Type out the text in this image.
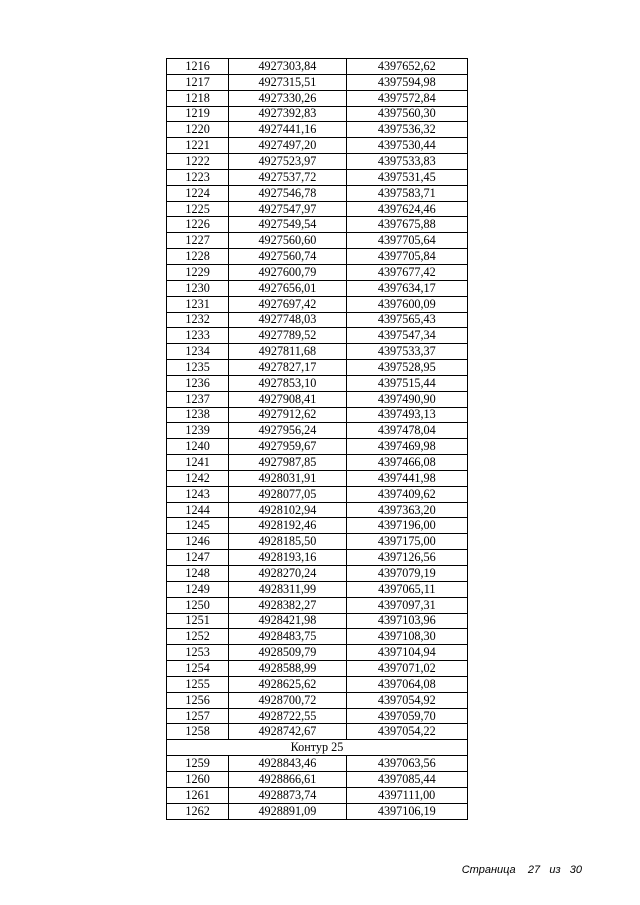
1216	4927303,84	4397652,62
1217	4927315,51	4397594,98
1218	4927330,26	4397572,84
1219	4927392,83	4397560,30
1220	4927441,16	4397536,32
1221	4927497,20	4397530,44
1222	4927523,97	4397533,83
1223	4927537,72	4397531,45
1224	4927546,78	4397583,71
1225	4927547,97	4397624,46
1226	4927549,54	4397675,88
1227	4927560,60	4397705,64
1228	4927560,74	4397705,84
1229	4927600,79	4397677,42
1230	4927656,01	4397634,17
1231	4927697,42	4397600,09
1232	4927748,03	4397565,43
1233	4927789,52	4397547,34
1234	4927811,68	4397533,37
1235	4927827,17	4397528,95
1236	4927853,10	4397515,44
1237	4927908,41	4397490,90
1238	4927912,62	4397493,13
1239	4927956,24	4397478,04
1240	4927959,67	4397469,98
1241	4927987,85	4397466,08
1242	4928031,91	4397441,98
1243	4928077,05	4397409,62
1244	4928102,94	4397363,20
1245	4928192,46	4397196,00
1246	4928185,50	4397175,00
1247	4928193,16	4397126,56
1248	4928270,24	4397079,19
1249	4928311,99	4397065,11
1250	4928382,27	4397097,31
1251	4928421,98	4397103,96
1252	4928483,75	4397108,30
1253	4928509,79	4397104,94
1254	4928588,99	4397071,02
1255	4928625,62	4397064,08
1256	4928700,72	4397054,92
1257	4928722,55	4397059,70
1258	4928742,67	4397054,22
Контур 25		
1259	4928843,46	4397063,56
1260	4928866,61	4397085,44
1261	4928873,74	4397111,00
1262	4928891,09	4397106,19
Страница 27 из 30
